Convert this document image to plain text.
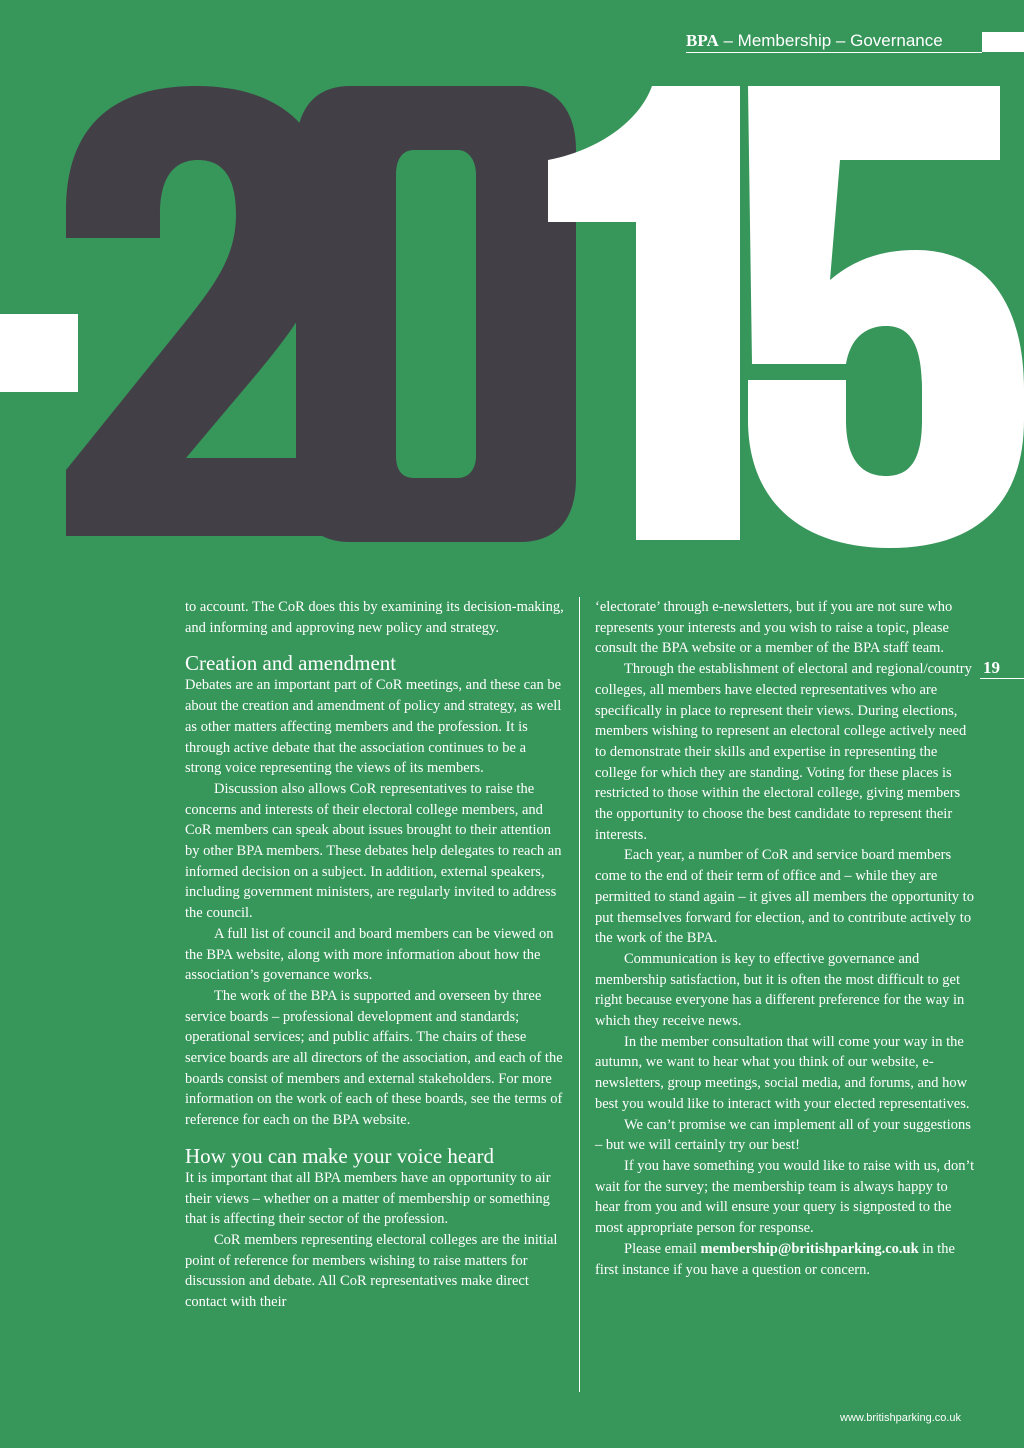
BPA – Membership – Governance

to account. The CoR does this by examining its decision-making, and informing and approving new policy and strategy.

Creation and amendment

Debates are an important part of CoR meetings, and these can be about the creation and amendment of policy and strategy, as well as other matters affecting members and the profession. It is through active debate that the association continues to be a strong voice representing the views of its members.

Discussion also allows CoR representatives to raise the concerns and interests of their electoral college members, and CoR members can speak about issues brought to their attention by other BPA members. These debates help delegates to reach an informed decision on a subject. In addition, external speakers, including government ministers, are regularly invited to address the council.

A full list of council and board members can be viewed on the BPA website, along with more information about how the association’s governance works.

The work of the BPA is supported and overseen by three service boards – professional development and standards; operational services; and public affairs. The chairs of these service boards are all directors of the association, and each of the boards consist of members and external stakeholders. For more information on the work of each of these boards, see the terms of reference for each on the BPA website.

How you can make your voice heard

It is important that all BPA members have an opportunity to air their views – whether on a matter of membership or something that is affecting their sector of the profession.

CoR members representing electoral colleges are the initial point of reference for members wishing to raise matters for discussion and debate. All CoR representatives make direct contact with their

‘electorate’ through e-newsletters, but if you are not sure who represents your interests and you wish to raise a topic, please consult the BPA website or a member of the BPA staff team.

Through the establishment of electoral and regional/country colleges, all members have elected representatives who are specifically in place to represent their views. During elections, members wishing to represent an electoral college actively need to demonstrate their skills and expertise in representing the college for which they are standing. Voting for these places is restricted to those within the electoral college, giving members the opportunity to choose the best candidate to represent their interests.

Each year, a number of CoR and service board members come to the end of their term of office and – while they are permitted to stand again – it gives all members the opportunity to put themselves forward for election, and to contribute actively to the work of the BPA.

Communication is key to effective governance and membership satisfaction, but it is often the most difficult to get right because everyone has a different preference for the way in which they receive news.

In the member consultation that will come your way in the autumn, we want to hear what you think of our website, e-newsletters, group meetings, social media, and forums, and how best you would like to interact with your elected representatives.

We can’t promise we can implement all of your suggestions – but we will certainly try our best!

If you have something you would like to raise with us, don’t wait for the survey; the membership team is always happy to hear from you and will ensure your query is signposted to the most appropriate person for response.

Please email membership@britishparking.co.uk in the first instance if you have a question or concern.

19
www.britishparking.co.uk
